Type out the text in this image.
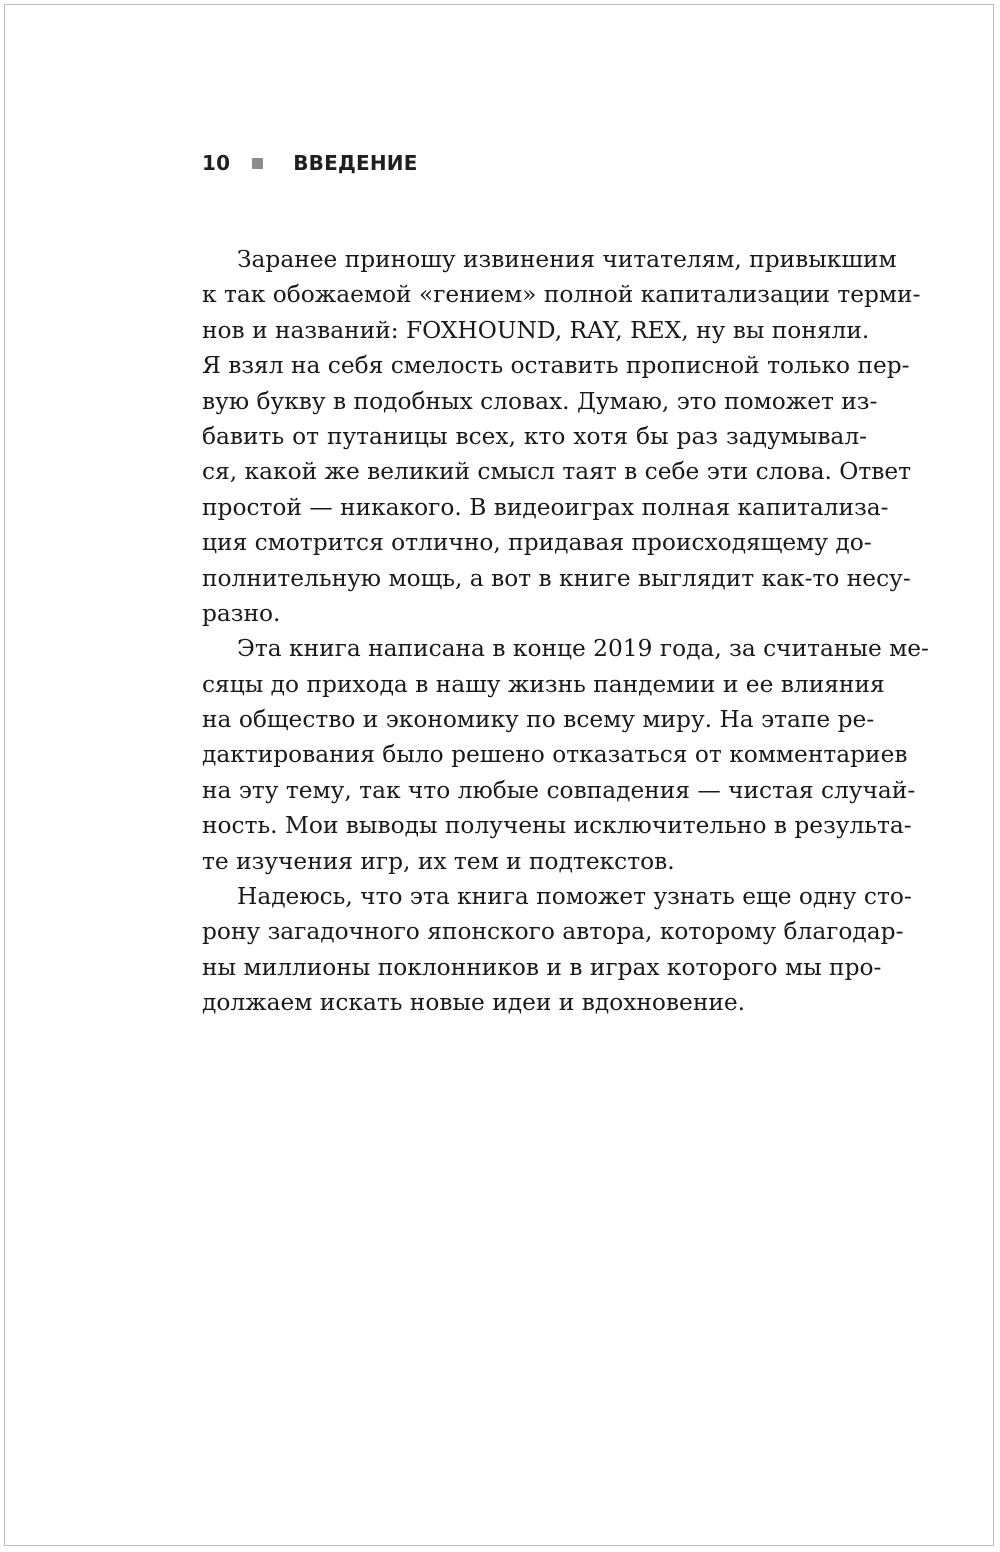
10	ВВЕДЕНИЕ
Заранее приношу извинения читателям, привыкшим
к так обожаемой «гением» полной капитализации терми-
нов и названий: FOXHOUND, RAY, REX, ну вы поняли.
Я взял на себя смелость оставить прописной только пер-
вую букву в подобных словах. Думаю, это поможет из-
бавить от путаницы всех, кто хотя бы раз задумывал-
ся, какой же великий смысл таят в себе эти слова. Ответ
простой — никакого. В видеоиграх полная капитализа-
ция смотрится отлично, придавая происходящему до-
полнительную мощь, а вот в книге выглядит как-то несу-
разно.
Эта книга написана в конце 2019 года, за считаные ме-
сяцы до прихода в нашу жизнь пандемии и ее влияния
на общество и экономику по всему миру. На этапе ре-
дактирования было решено отказаться от комментариев
на эту тему, так что любые совпадения — чистая случай-
ность. Мои выводы получены исключительно в результа-
те изучения игр, их тем и подтекстов.
Надеюсь, что эта книга поможет узнать еще одну сто-
рону загадочного японского автора, которому благодар-
ны миллионы поклонников и в играх которого мы про-
должаем искать новые идеи и вдохновение.
